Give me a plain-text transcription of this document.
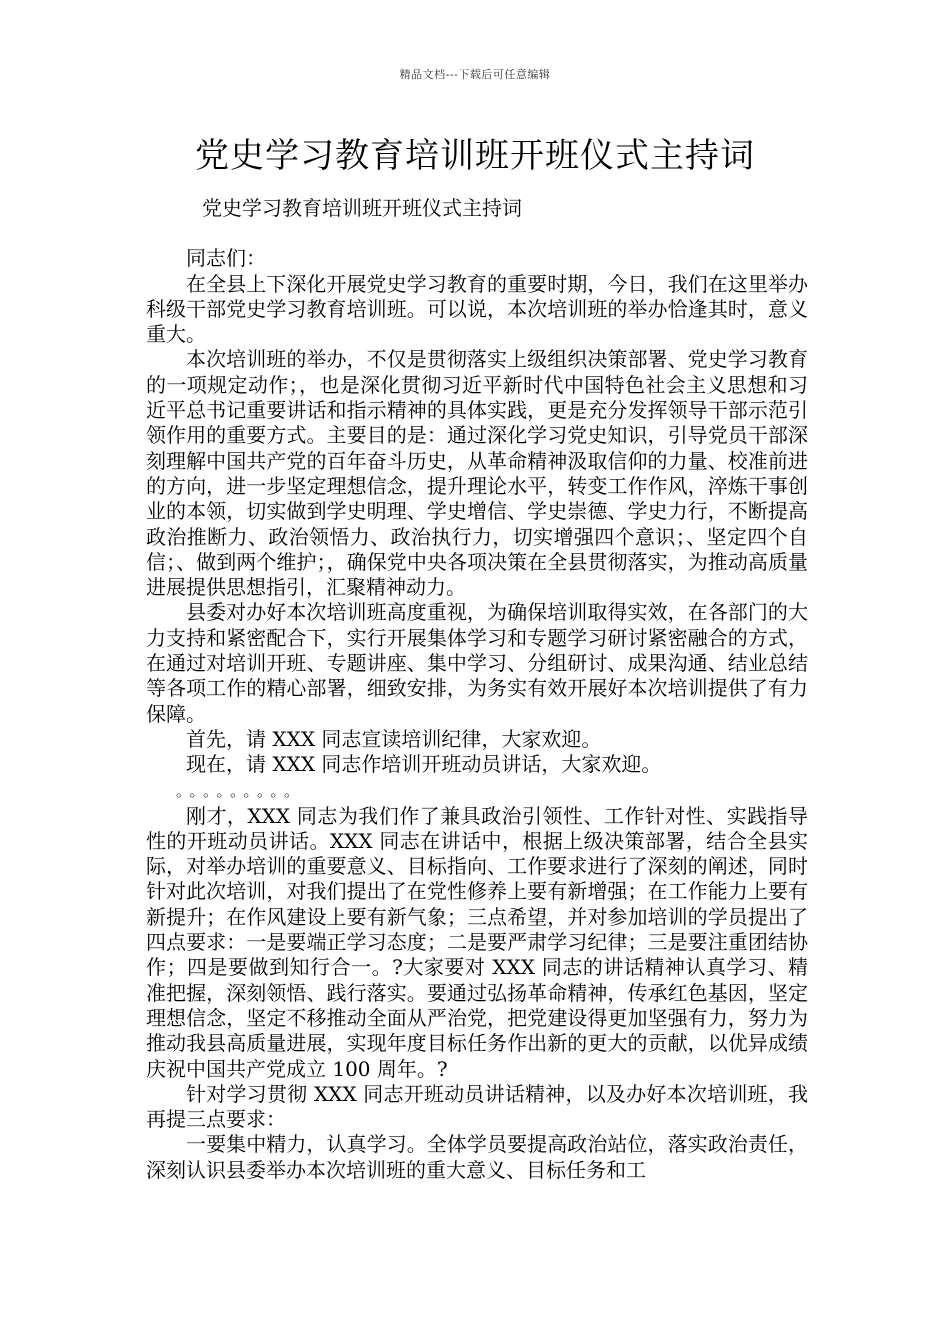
精品文档---下载后可任意编辑
党史学习教育培训班开班仪式主持词

党史学习教育培训班开班仪式主持词

同志们：

在全县上下深化开展党史学习教育的重要时期，今日，我们在这里举办科级干部党史学习教育培训班。可以说，本次培训班的举办恰逢其时，意义重大。

本次培训班的举办，不仅是贯彻落实上级组织决策部署、党史学习教育的一项规定动作；，也是深化贯彻习近平新时代中国特色社会主义思想和习近平总书记重要讲话和指示精神的具体实践，更是充分发挥领导干部示范引领作用的重要方式。主要目的是：通过深化学习党史知识，引导党员干部深刻理解中国共产党的百年奋斗历史，从革命精神汲取信仰的力量、校准前进的方向，进一步坚定理想信念，提升理论水平，转变工作作风，淬炼干事创业的本领，切实做到学史明理、学史增信、学史崇德、学史力行，不断提高政治推断力、政治领悟力、政治执行力，切实增强四个意识；、坚定四个自信；、做到两个维护；，确保党中央各项决策在全县贯彻落实，为推动高质量进展提供思想指引，汇聚精神动力。

县委对办好本次培训班高度重视，为确保培训取得实效，在各部门的大力支持和紧密配合下，实行开展集体学习和专题学习研讨紧密融合的方式，在通过对培训开班、专题讲座、集中学习、分组研讨、成果沟通、结业总结等各项工作的精心部署，细致安排，为务实有效开展好本次培训提供了有力保障。

首先，请 XXX 同志宣读培训纪律，大家欢迎。

现在，请 XXX 同志作培训开班动员讲话，大家欢迎。

。。。。。。。。。

刚才，XXX 同志为我们作了兼具政治引领性、工作针对性、实践指导性的开班动员讲话。XXX 同志在讲话中，根据上级决策部署，结合全县实际，对举办培训的重要意义、目标指向、工作要求进行了深刻的阐述，同时针对此次培训，对我们提出了在党性修养上要有新增强；在工作能力上要有新提升；在作风建设上要有新气象；三点希望，并对参加培训的学员提出了四点要求：一是要端正学习态度；二是要严肃学习纪律；三是要注重团结协作；四是要做到知行合一。?大家要对 XXX 同志的讲话精神认真学习、精准把握，深刻领悟、践行落实。要通过弘扬革命精神，传承红色基因，坚定理想信念，坚定不移推动全面从严治党，把党建设得更加坚强有力，努力为推动我县高质量进展，实现年度目标任务作出新的更大的贡献，以优异成绩庆祝中国共产党成立 100 周年。?

针对学习贯彻 XXX 同志开班动员讲话精神，以及办好本次培训班，我再提三点要求：

一要集中精力，认真学习。全体学员要提高政治站位，落实政治责任，深刻认识县委举办本次培训班的重大意义、目标任务和工
